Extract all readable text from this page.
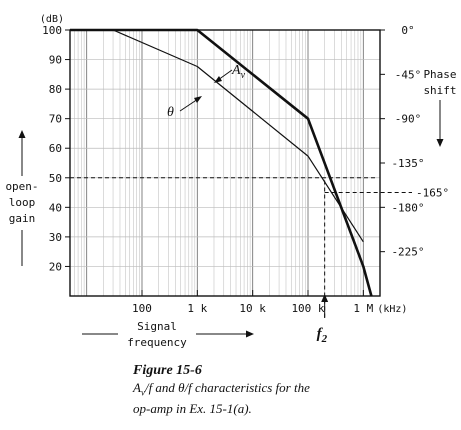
100	1 k	10 k 100 k	1 M
100
90
80
70
60
50
40
30
20
0°
-45°
-90°
-135°
-180°
-225°
$A_v$
θ
-165°
$f_2$
(kHz)
(dB)
open-
loop
gain
Phase
shift
Signal
frequency
Figure 15-6
$A_v/f$ and θ/f characteristics for the
op-amp in Ex. 15-1(a).
